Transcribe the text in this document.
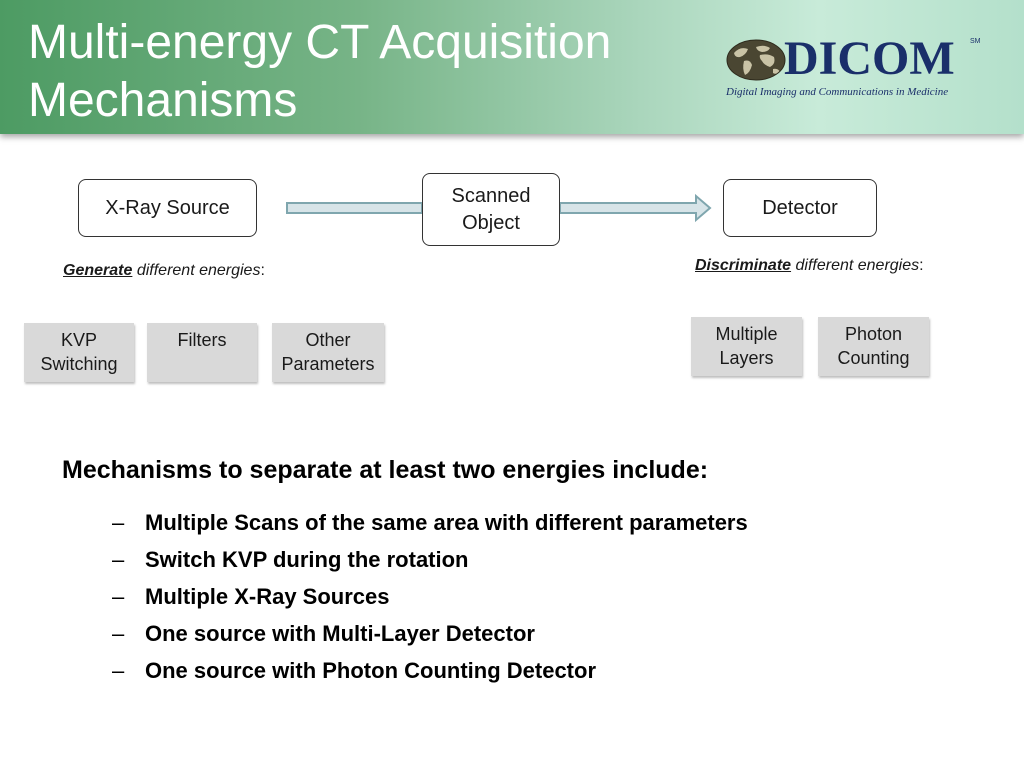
Multi-energy CT Acquisition
Mechanisms
DICOM SM
Digital Imaging and Communications in Medicine
X-Ray Source
Scanned
Object
Detector
Generate different energies:	Discriminate different energies:
KVP
Switching
Filters	Other
Parameters
Multiple
Layers
Photon
Counting
Mechanisms to separate at least two energies include:
– Multiple Scans of the same area with different parameters
– Switch KVP during the rotation
– Multiple X-Ray Sources
– One source with Multi-Layer Detector
– One source with Photon Counting Detector
